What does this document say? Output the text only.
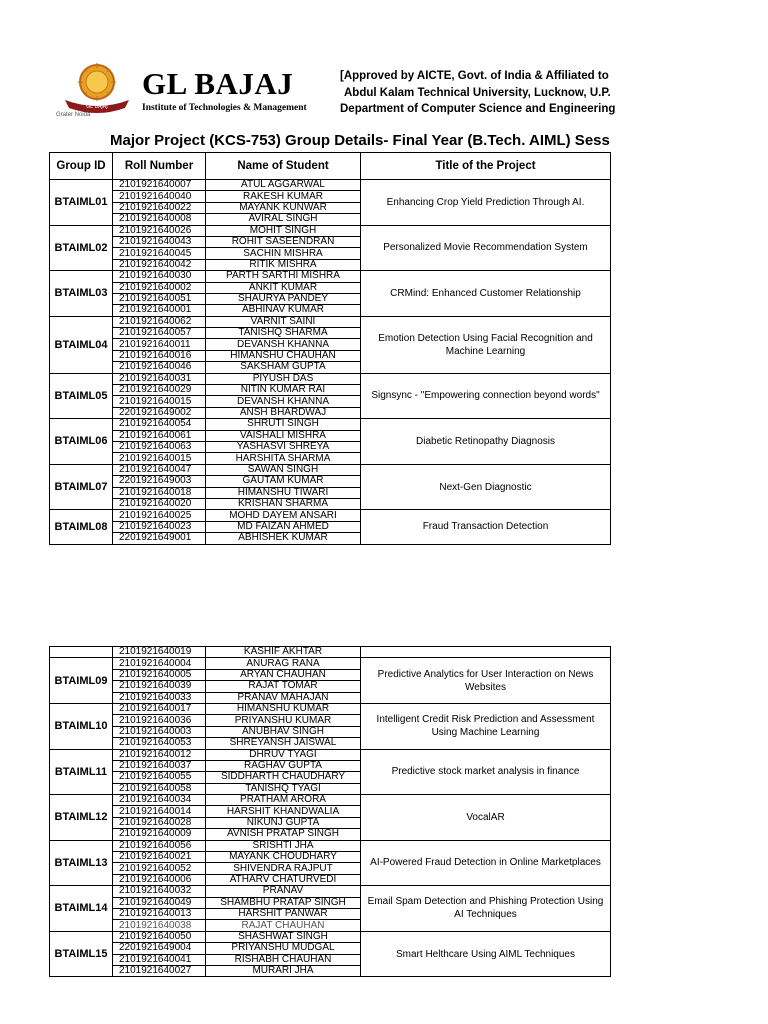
GL BAJAJ
Grater Noida
GL BAJAJ
Institute of Technologies & Management
[Approved by AICTE, Govt. of India & Affiliated to
Abdul Kalam Technical University, Lucknow, U.P.
Department of Computer Science and Engineering
Major Project (KCS-753) Group Details- Final Year (B.Tech. AIML) Sess
Group ID	Roll Number	Name of Student	Title of the Project
BTAIML01	2101921640007	ATUL AGGARWAL	Enhancing Crop Yield Prediction Through AI.
	2101921640040	RAKESH KUMAR	
	2101921640022	MAYANK KUNWAR	
	2101921640008	AVIRAL SINGH	
BTAIML02	2101921640026	MOHIT SINGH	Personalized Movie Recommendation System
	2101921640043	ROHIT SASEENDRAN	
	2101921640045	SACHIN MISHRA	
	2101921640042	RITIK MISHRA	
BTAIML03	2101921640030	PARTH SARTHI MISHRA	CRMind: Enhanced Customer Relationship
	2101921640002	ANKIT KUMAR	
	2101921640051	SHAURYA PANDEY	
	2101921640001	ABHINAV KUMAR	
BTAIML04	2101921640062	VARNIT SAINI	Emotion Detection Using Facial Recognition and Machine Learning
	2101921640057	TANISHQ SHARMA	
	2101921640011	DEVANSH KHANNA	
	2101921640016	HIMANSHU CHAUHAN	
	2101921640046	SAKSHAM GUPTA	
BTAIML05	2101921640031	PIYUSH DAS	Signsync - "Empowering connection beyond words"
	2101921640029	NITIN KUMAR RAI	
	2101921640015	DEVANSH KHANNA	
	2201921649002	ANSH BHARDWAJ	
BTAIML06	2101921640054	SHRUTI SINGH	Diabetic Retinopathy Diagnosis
	2101921640061	VAISHALI MISHRA	
	2101921640063	YASHASVI SHREYA	
	2101921640015	HARSHITA SHARMA	
BTAIML07	2101921640047	SAWAN SINGH	Next-Gen Diagnostic
	2201921649003	GAUTAM KUMAR	
	2101921640018	HIMANSHU TIWARI	
	2101921640020	KRISHAN SHARMA	
BTAIML08	2101921640025	MOHD DAYEM ANSARI	Fraud Transaction Detection
	2101921640023	MD FAIZAN AHMED	
	2201921649001	ABHISHEK KUMAR	
	2101921640019	KASHIF AKHTAR	
BTAIML09	2101921640004	ANURAG RANA	Predictive Analytics for User Interaction on News Websites
	2101921640005	ARYAN CHAUHAN	
	2101921640039	RAJAT TOMAR	
	2101921640033	PRANAV MAHAJAN	
BTAIML10	2101921640017	HIMANSHU KUMAR	Intelligent Credit Risk Prediction and Assessment Using Machine Learning
	2101921640036	PRIYANSHU KUMAR	
	2101921640003	ANUBHAV SINGH	
	2101921640053	SHREYANSH JAISWAL	
BTAIML11	2101921640012	DHRUV TYAGI	Predictive stock market analysis in finance
	2101921640037	RAGHAV GUPTA	
	2101921640055	SIDDHARTH CHAUDHARY	
	2101921640058	TANISHQ TYAGI	
BTAIML12	2101921640034	PRATHAM ARORA	VocalAR
	2101921640014	HARSHIT KHANDWALIA	
	2101921640028	NIKUNJ GUPTA	
	2101921640009	AVNISH PRATAP SINGH	
BTAIML13	2101921640056	SRISHTI JHA	AI-Powered Fraud Detection in Online Marketplaces
	2101921640021	MAYANK CHOUDHARY	
	2101921640052	SHIVENDRA RAJPUT	
	2101921640006	ATHARV CHATURVEDI	
BTAIML14	2101921640032	PRANAV	Email Spam Detection and Phishing Protection Using AI Techniques
	2101921640049	SHAMBHU PRATAP SINGH	
	2101921640013	HARSHIT PANWAR	
	2101921640038	RAJAT CHAUHAN	
BTAIML15	2101921640050	SHASHWAT SINGH	Smart Helthcare Using AIML Techniques
	2201921649004	PRIYANSHU MUDGAL	
	2101921640041	RISHABH CHAUHAN	
	2101921640027	MURARI JHA	
